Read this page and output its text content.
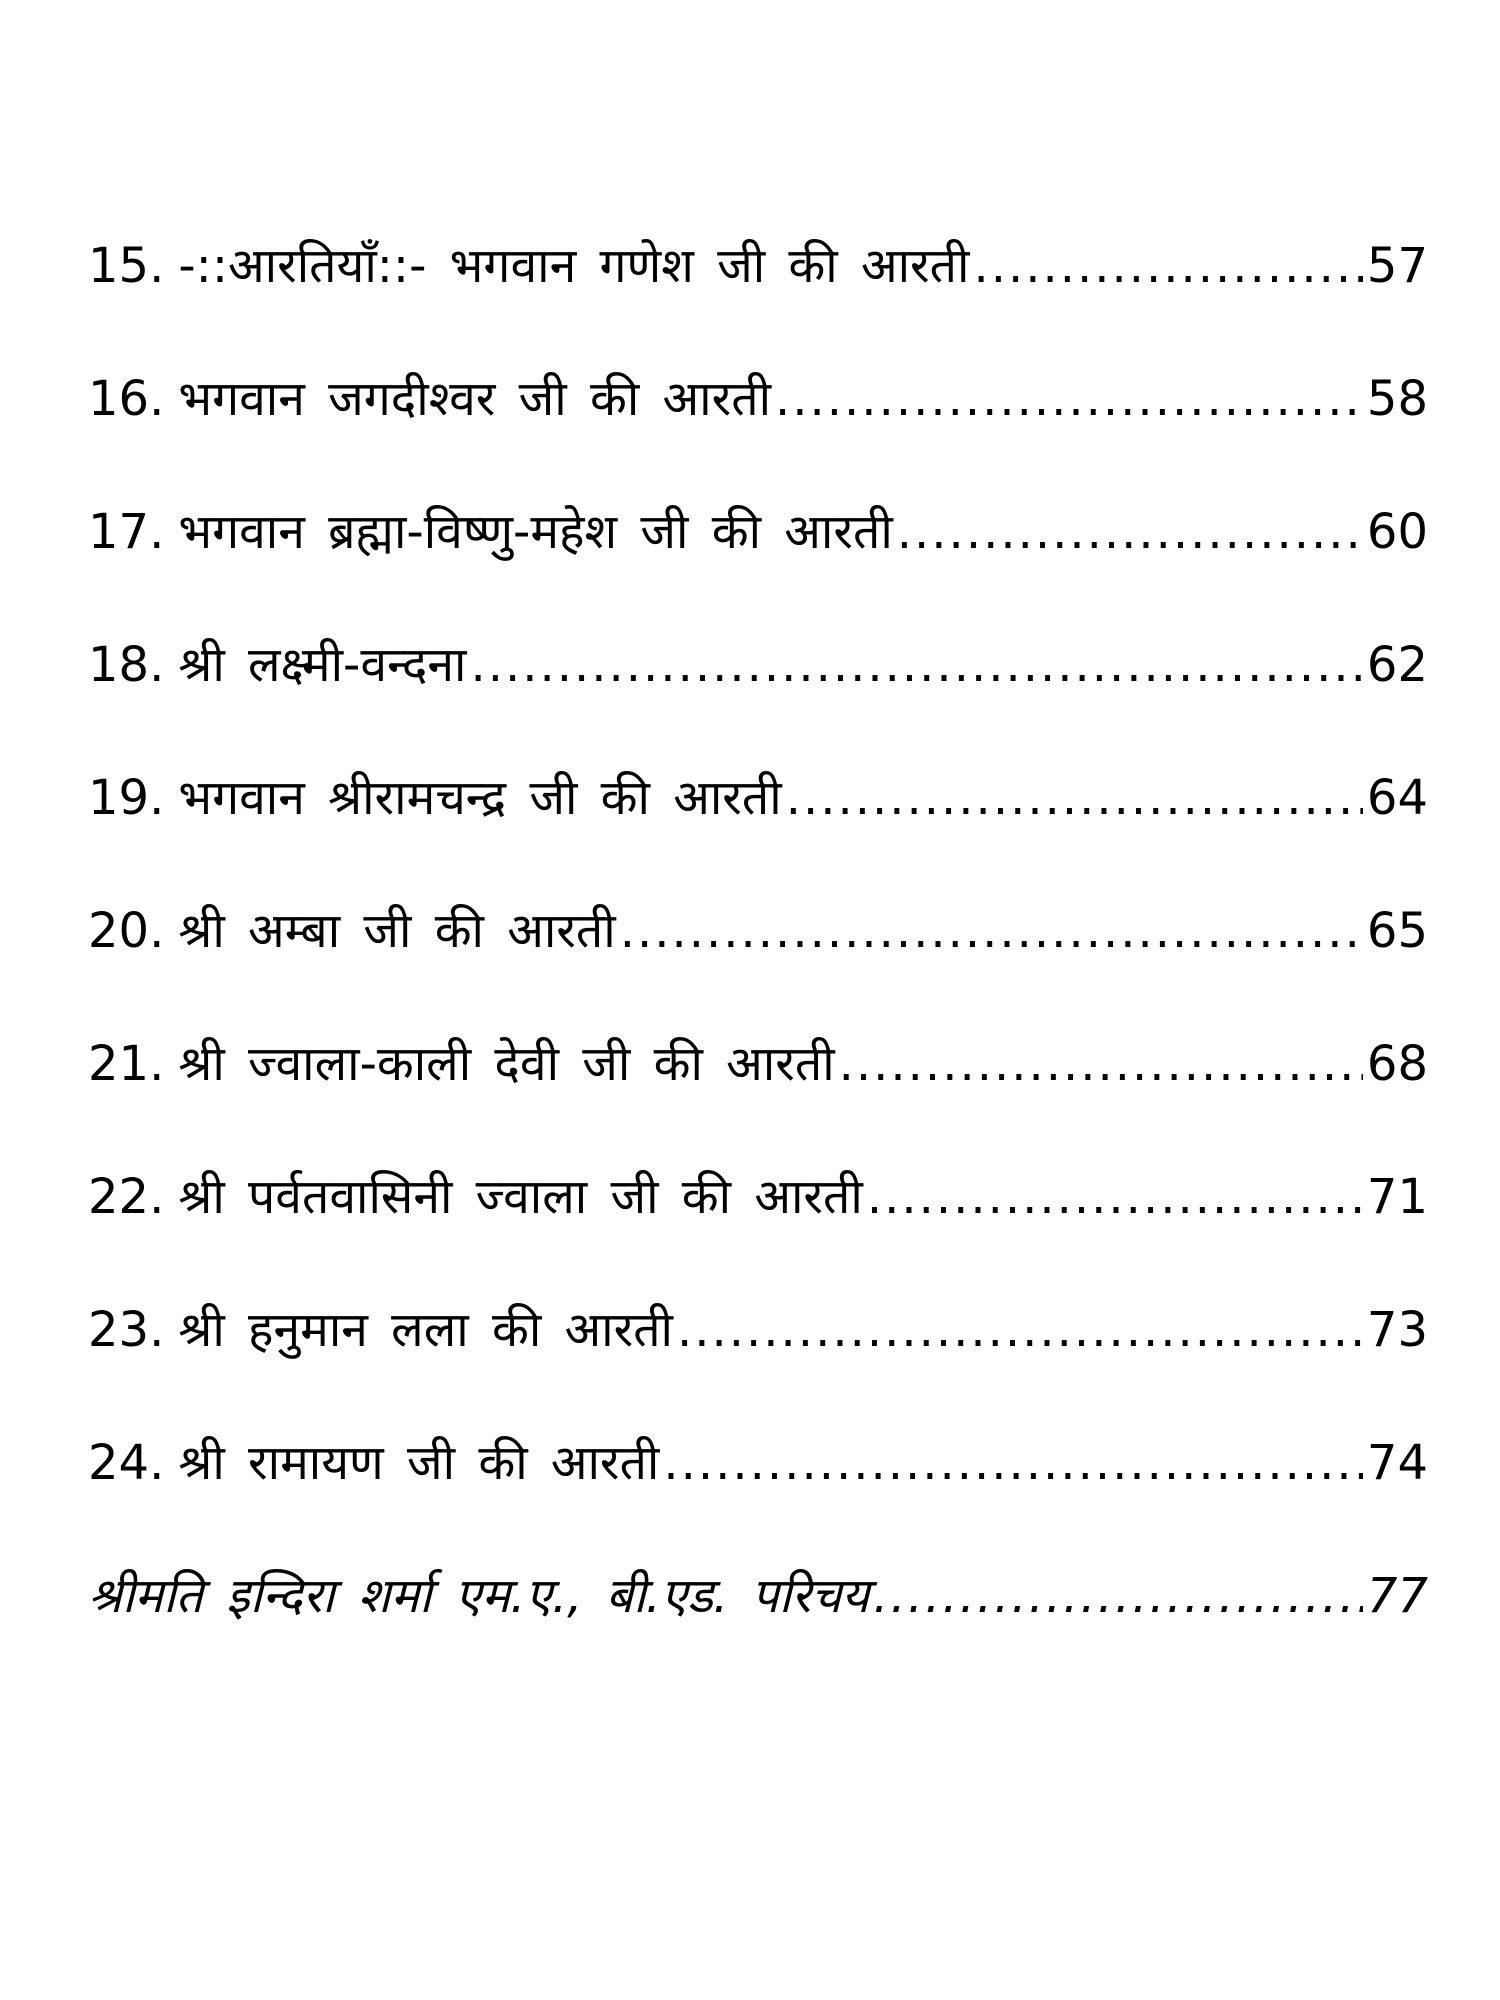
15. -::आरतियाँ::- भगवान गणेश जी की आरती .....	57
16. भगवान जगदीश्वर जी की आरती .....	58
17. भगवान ब्रह्मा-विष्णु-महेश जी की आरती .....	60
18. श्री लक्ष्मी-वन्दना .....	62
19. भगवान श्रीरामचन्द्र जी की आरती .....	64
20. श्री अम्बा जी की आरती .....	65
21. श्री ज्वाला-काली देवी जी की आरती .....	68
22. श्री पर्वतवासिनी ज्वाला जी की आरती .....	71
23. श्री हनुमान लला की आरती .....	73
24. श्री रामायण जी की आरती .....	74
श्रीमति इन्दिरा शर्मा एम.ए., बी.एड. परिचय .....	77
